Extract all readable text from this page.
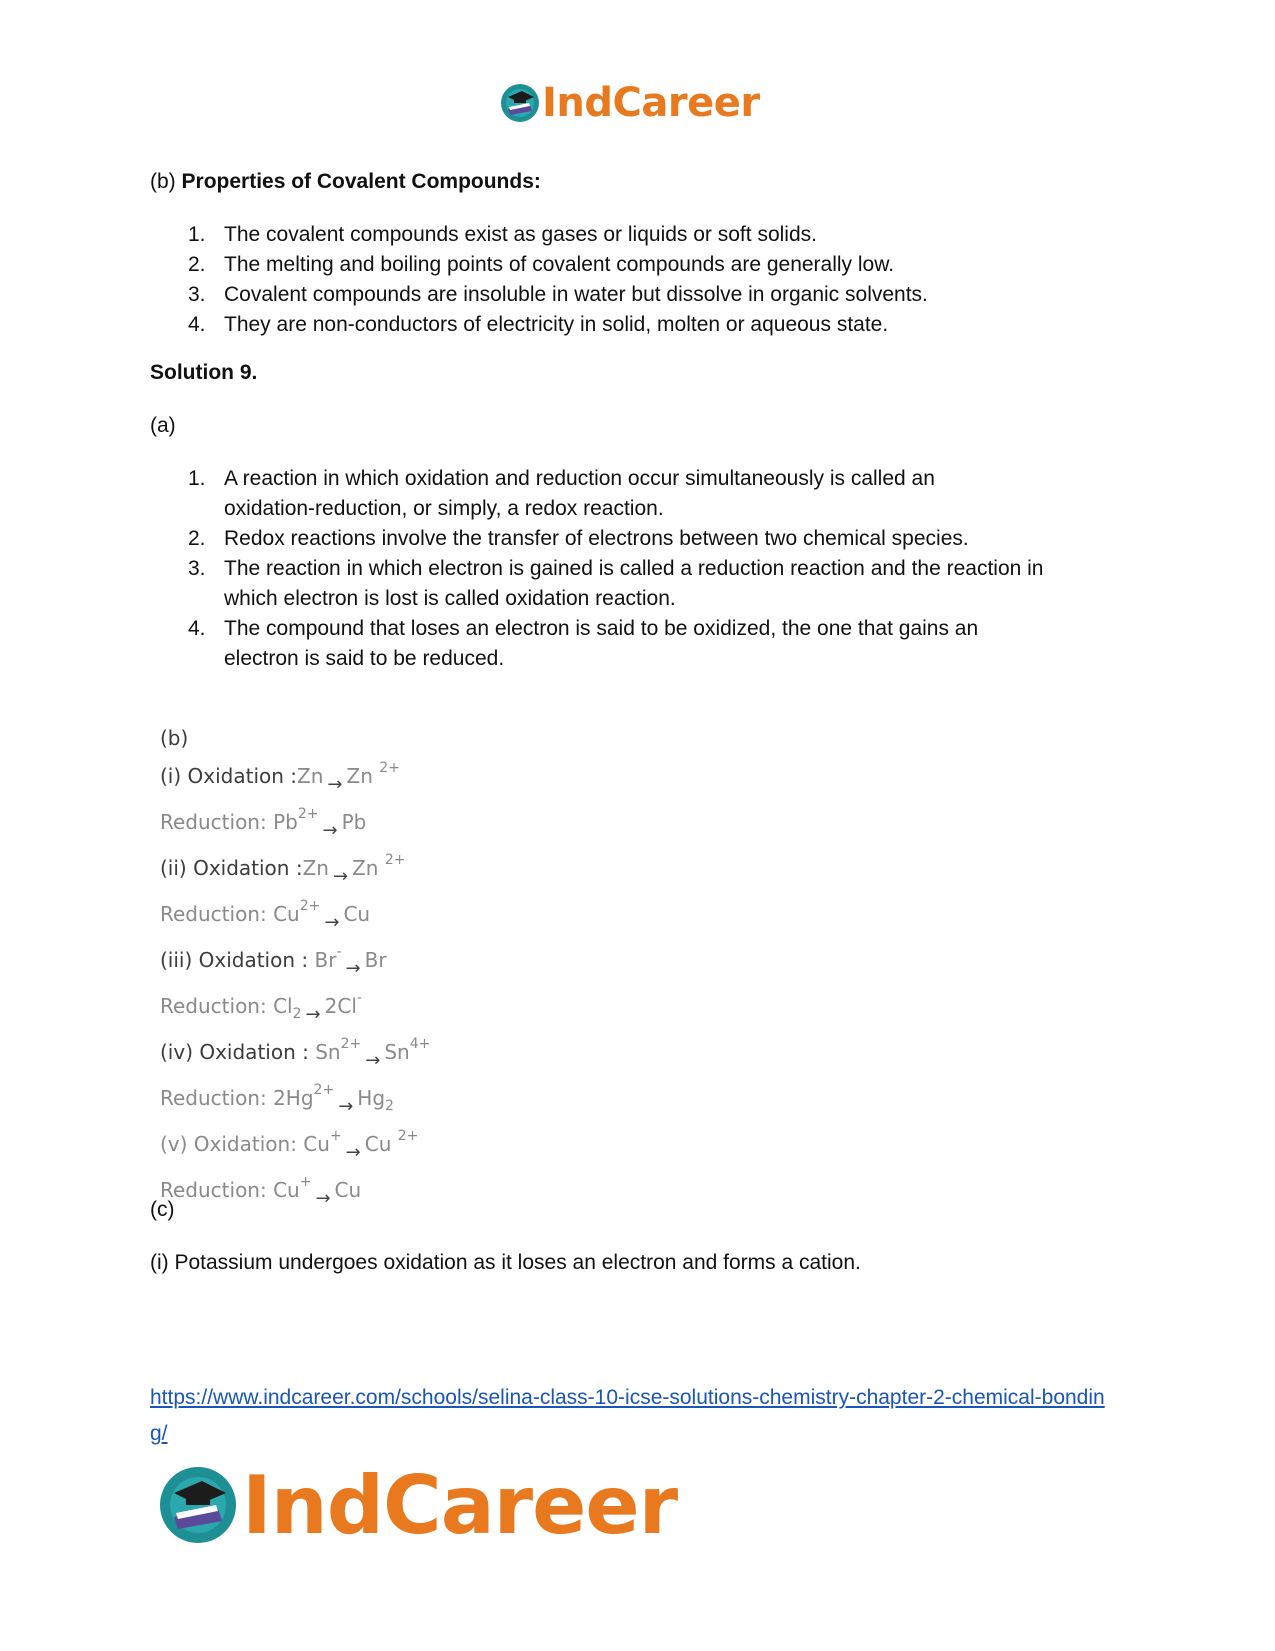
IndCareer
(b) Properties of Covalent Compounds:
1. The covalent compounds exist as gases or liquids or soft solids.
2. The melting and boiling points of covalent compounds are generally low.
3. Covalent compounds are insoluble in water but dissolve in organic solvents.
4. They are non-conductors of electricity in solid, molten or aqueous state.
Solution 9.
(a)
1. A reaction in which oxidation and reduction occur simultaneously is called an
oxidation-reduction, or simply, a redox reaction.
2. Redox reactions involve the transfer of electrons between two chemical species.
3. The reaction in which electron is gained is called a reduction reaction and the reaction in
which electron is lost is called oxidation reaction.
4. The compound that loses an electron is said to be oxidized, the one that gains an
electron is said to be reduced.
(c)
(i) Potassium undergoes oxidation as it loses an electron and forms a cation.
(b)
(i) Oxidation :Zn → Zn $^{2+}$
Reduction: $Pb^{2+}\to Pb$
(ii) Oxidation :Zn → Zn $^{2+}$
Reduction: $Cu^{2+}\to Cu$
(iii) Oxidation : Br-→ Br
Reduction: $Cl_2 \to 2Cl^-$
(iv) Oxidation : $Sn^{2+}\to Sn^{4+}$
Reduction: $2Hg^{2+}\to Hg_2$
(v) Oxidation: Cu+→ Cu $^{2+}$
Reduction: Cu+→ Cu
https://www.indcareer.com/schools/selina-class-10-icse-solutions-chemistry-chapter-2-chemical-bonding/
IndCareer
